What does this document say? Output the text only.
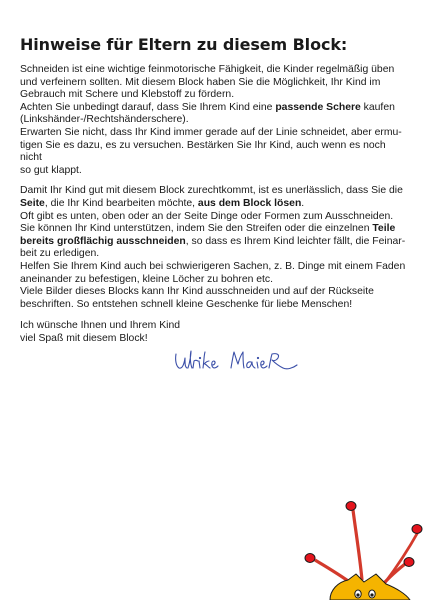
Hinweise für Eltern zu diesem Block:

Schneiden ist eine wichtige feinmotorische Fähigkeit, die Kinder regelmäßig üben
und verfeinern sollten. Mit diesem Block haben Sie die Möglichkeit, Ihr Kind im
Gebrauch mit Schere und Klebstoff zu fördern.
Achten Sie unbedingt darauf, dass Sie Ihrem Kind eine passende Schere kaufen
(Linkshänder-/Rechtshänderschere).
Erwarten Sie nicht, dass Ihr Kind immer gerade auf der Linie schneidet, aber ermu-
tigen Sie es dazu, es zu versuchen. Bestärken Sie Ihr Kind, auch wenn es noch nicht
so gut klappt.

Damit Ihr Kind gut mit diesem Block zurechtkommt, ist es unerlässlich, dass Sie die
Seite, die Ihr Kind bearbeiten möchte, aus dem Block lösen.
Oft gibt es unten, oben oder an der Seite Dinge oder Formen zum Ausschneiden.
Sie können Ihr Kind unterstützen, indem Sie den Streifen oder die einzelnen Teile
bereits großflächig ausschneiden, so dass es Ihrem Kind leichter fällt, die Feinar-
beit zu erledigen.
Helfen Sie Ihrem Kind auch bei schwierigeren Sachen, z. B. Dinge mit einem Faden
aneinander zu befestigen, kleine Löcher zu bohren etc.
Viele Bilder dieses Blocks kann Ihr Kind ausschneiden und auf der Rückseite
beschriften. So entstehen schnell kleine Geschenke für liebe Menschen!

Ich wünsche Ihnen und Ihrem Kind
viel Spaß mit diesem Block!
